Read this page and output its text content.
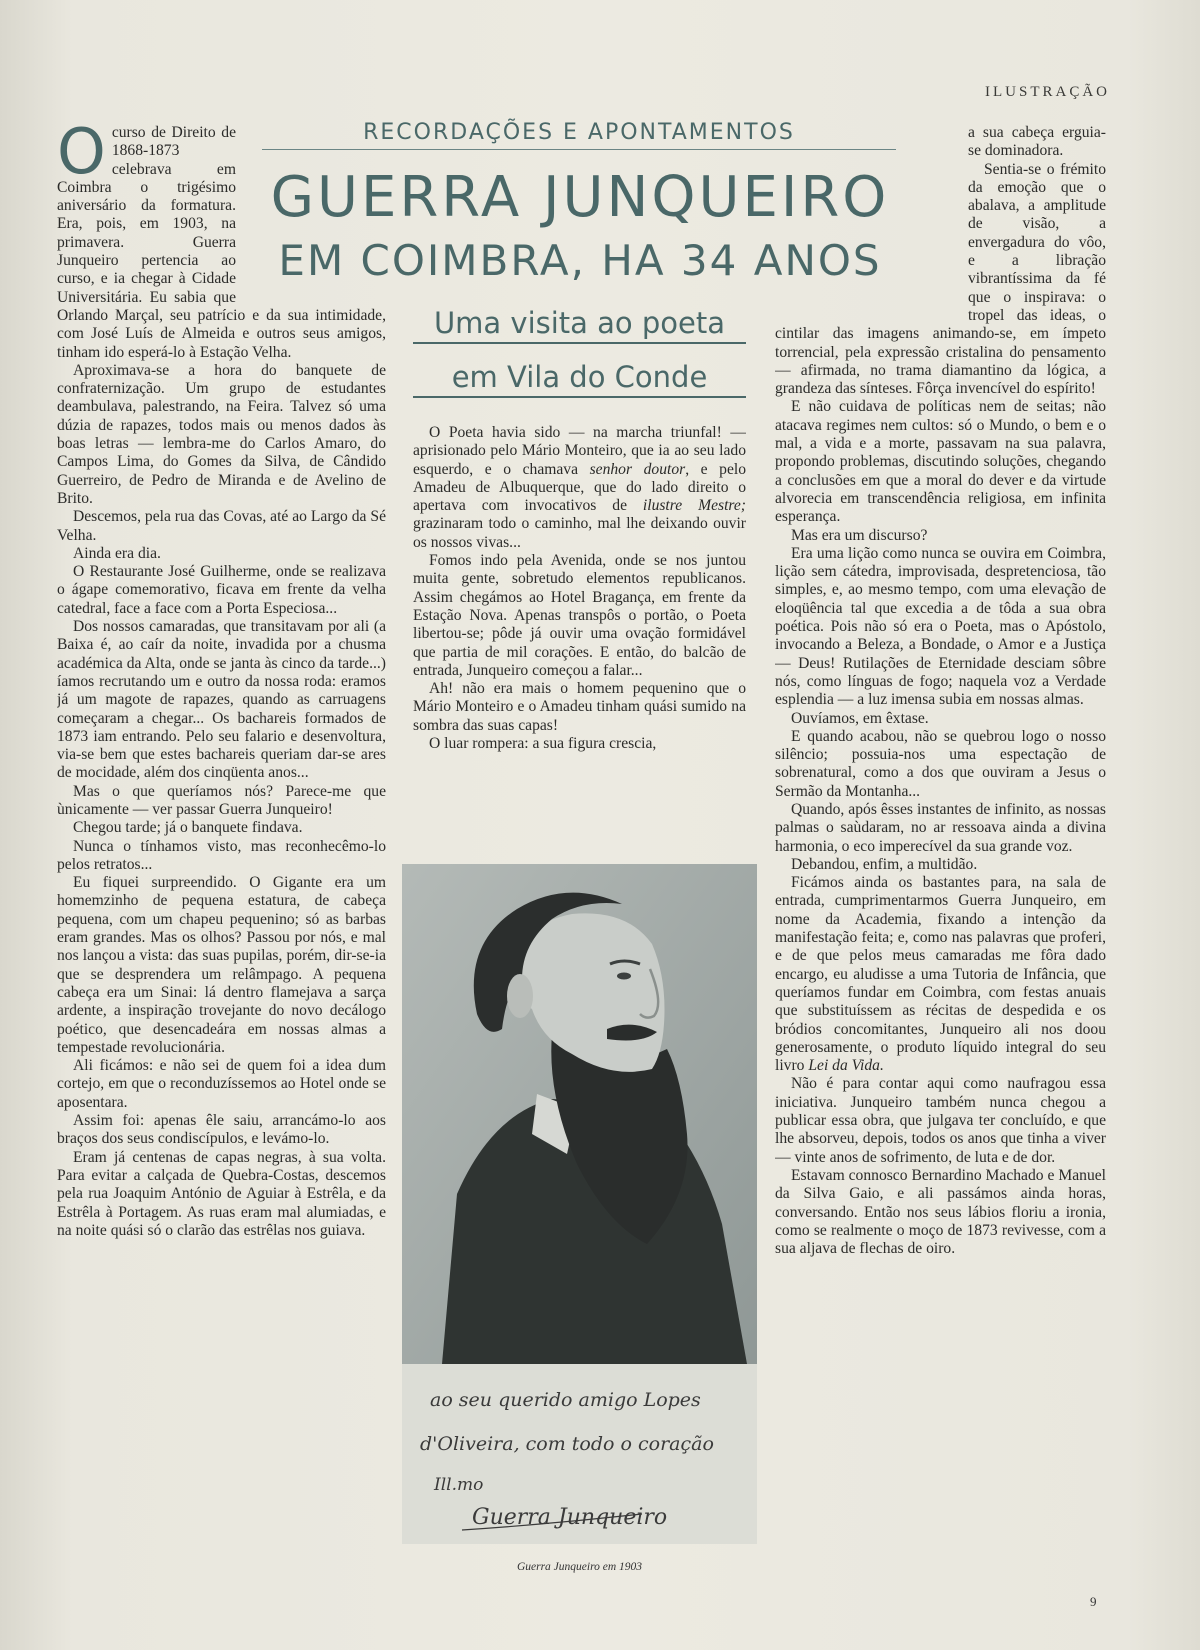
ILUSTRAÇÃO
RECORDAÇÕES E APONTAMENTOS
GUERRA JUNQUEIRO
EM COIMBRA, HA 34 ANOS
Uma visita ao poeta
em Vila do Conde

Ocurso de Direito de 1868-1873 celebrava em Coimbra o trigésimo aniversário da formatura. Era, pois, em 1903, na primavera. Guerra Junqueiro pertencia ao curso, e ia chegar à Cidade Universitária. Eu sabia que Orlando Marçal, seu patrício e da sua intimidade, com José Luís de Almeida e outros seus amigos, tinham ido esperá-lo à Estação Velha.

Aproximava-se a hora do banquete de confraternização. Um grupo de estudantes deambulava, palestrando, na Feira. Talvez só uma dúzia de rapazes, todos mais ou menos dados às boas letras — lembra-me do Carlos Amaro, do Campos Lima, do Gomes da Silva, de Cândido Guerreiro, de Pedro de Miranda e de Avelino de Brito.

Descemos, pela rua das Covas, até ao Largo da Sé Velha.

Ainda era dia.

O Restaurante José Guilherme, onde se realizava o ágape comemorativo, ficava em frente da velha catedral, face a face com a Porta Especiosa...

Dos nossos camaradas, que transitavam por ali (a Baixa é, ao caír da noite, invadida por a chusma académica da Alta, onde se janta às cinco da tarde...) íamos recrutando um e outro da nossa roda: eramos já um magote de rapazes, quando as carruagens começaram a chegar... Os bachareis formados de 1873 iam entrando. Pelo seu falario e desenvoltura, via-se bem que estes bachareis queriam dar-se ares de mocidade, além dos cinqüenta anos...

Mas o que queríamos nós? Parece-me que ùnicamente — ver passar Guerra Junqueiro!

Chegou tarde; já o banquete findava.

Nunca o tínhamos visto, mas reconhecêmo-lo pelos retratos...

Eu fiquei surpreendido. O Gigante era um homemzinho de pequena estatura, de cabeça pequena, com um chapeu pequenino; só as barbas eram grandes. Mas os olhos? Passou por nós, e mal nos lançou a vista: das suas pupilas, porém, dir-se-ia que se desprendera um relâmpago. A pequena cabeça era um Sinai: lá dentro flamejava a sarça ardente, a inspiração trovejante do novo decálogo poético, que desencadeára em nossas almas a tempestade revolucionária.

Ali ficámos: e não sei de quem foi a idea dum cortejo, em que o reconduzíssemos ao Hotel onde se aposentara.

Assim foi: apenas êle saiu, arrancámo-lo aos braços dos seus condiscípulos, e levámo-lo.

Eram já centenas de capas negras, à sua volta. Para evitar a calçada de Quebra-Costas, descemos pela rua Joaquim António de Aguiar à Estrêla, e da Estrêla à Portagem. As ruas eram mal alumiadas, e na noite quási só o clarão das estrêlas nos guiava.

O Poeta havia sido — na marcha triunfal! — aprisionado pelo Mário Monteiro, que ia ao seu lado esquerdo, e o chamava senhor doutor, e pelo Amadeu de Albuquerque, que do lado direito o apertava com invocativos de ilustre Mestre; grazinaram todo o caminho, mal lhe deixando ouvir os nossos vivas...

Fomos indo pela Avenida, onde se nos juntou muita gente, sobretudo elementos republicanos. Assim chegámos ao Hotel Bragança, em frente da Estação Nova. Apenas transpôs o portão, o Poeta libertou-se; pôde já ouvir uma ovação formidável que partia de mil corações. E então, do balcão de entrada, Junqueiro começou a falar...

Ah! não era mais o homem pequenino que o Mário Monteiro e o Amadeu tinham quási sumido na sombra das suas capas!

O luar rompera: a sua figura crescia,

ao seu querido amigo Lopes
d'Oliveira, com todo o coração
Ill.mo
Guerra Junqueiro
Guerra Junqueiro em 1903

a sua cabeça erguia-se dominadora.

Sentia-se o frémito da emoção que o abalava, a amplitude de visão, a envergadura do vôo, e a libração vibrantíssima da fé que o inspirava: o tropel das ideas, o cintilar das imagens animando-se, em ímpeto torrencial, pela expressão cristalina do pensamento — afirmada, no trama diamantino da lógica, a grandeza das sínteses. Fôrça invencível do espírito!

E não cuidava de políticas nem de seitas; não atacava regimes nem cultos: só o Mundo, o bem e o mal, a vida e a morte, passavam na sua palavra, propondo problemas, discutindo soluções, chegando a conclusões em que a moral do dever e da virtude alvorecia em transcendência religiosa, em infinita esperança.

Mas era um discurso?

Era uma lição como nunca se ouvira em Coimbra, lição sem cátedra, improvisada, despretenciosa, tão simples, e, ao mesmo tempo, com uma elevação de eloqüência tal que excedia a de tôda a sua obra poética. Pois não só era o Poeta, mas o Apóstolo, invocando a Beleza, a Bondade, o Amor e a Justiça — Deus! Rutilações de Eternidade desciam sôbre nós, como línguas de fogo; naquela voz a Verdade esplendia — a luz imensa subia em nossas almas.

Ouvíamos, em êxtase.

E quando acabou, não se quebrou logo o nosso silêncio; possuia-nos uma espectação de sobrenatural, como a dos que ouviram a Jesus o Sermão da Montanha...

Quando, após êsses instantes de infinito, as nossas palmas o saùdaram, no ar ressoava ainda a divina harmonia, o eco imperecível da sua grande voz.

Debandou, enfim, a multidão.

Ficámos ainda os bastantes para, na sala de entrada, cumprimentarmos Guerra Junqueiro, em nome da Academia, fixando a intenção da manifestação feita; e, como nas palavras que proferi, e de que pelos meus camaradas me fôra dado encargo, eu aludisse a uma Tutoria de Infância, que queríamos fundar em Coimbra, com festas anuais que substituíssem as récitas de despedida e os bródios concomitantes, Junqueiro ali nos doou generosamente, o produto líquido integral do seu livro Lei da Vida.

Não é para contar aqui como naufragou essa iniciativa. Junqueiro também nunca chegou a publicar essa obra, que julgava ter concluído, e que lhe absorveu, depois, todos os anos que tinha a viver — vinte anos de sofrimento, de luta e de dor.

Estavam connosco Bernardino Machado e Manuel da Silva Gaio, e ali passámos ainda horas, conversando. Então nos seus lábios floriu a ironia, como se realmente o moço de 1873 revivesse, com a sua aljava de flechas de oiro.

9
